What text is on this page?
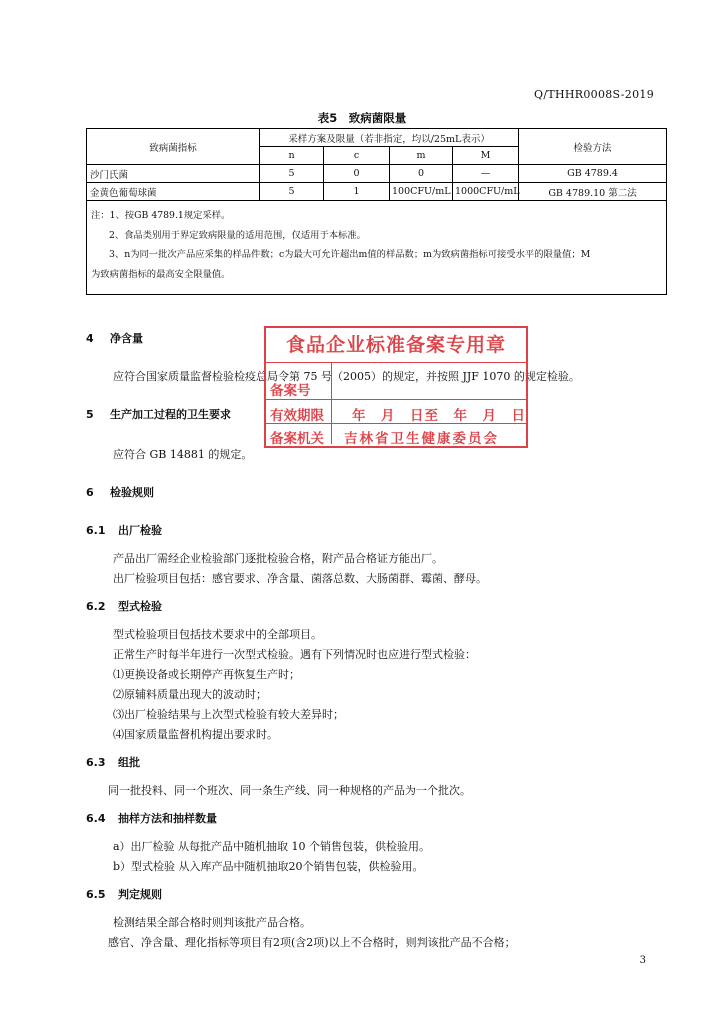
Q/THHR0008S-2019
表5　致病菌限量
致病菌指标	采样方案及限量（若非指定，均以/25mL表示）				检验方法
	n	c	m	M	
沙门氏菌	5	0	0	—	GB 4789.4
金黄色葡萄球菌	5	1	100CFU/mL	1000CFU/mL	GB 4789.10 第二法

注：1、按GB 4789.1规定采样。
2、食品类别用于界定致病限量的适用范围，仅适用于本标准。
3、n为同一批次产品应采集的样品件数；c为最大可允许超出m值的样品数；m为致病菌指标可接受水平的限量值；M
为致病菌指标的最高安全限量值。					
4 净含量
应符合国家质量监督检验检疫总局令第 75 号（2005）的规定，并按照 JJF 1070 的规定检验。
5 生产加工过程的卫生要求
应符合 GB 14881 的规定。
6 检验规则
6.1 出厂检验
产品出厂需经企业检验部门逐批检验合格，附产品合格证方能出厂。
出厂检验项目包括：感官要求、净含量、菌落总数、大肠菌群、霉菌、酵母。
6.2 型式检验
型式检验项目包括技术要求中的全部项目。
正常生产时每半年进行一次型式检验。遇有下列情况时也应进行型式检验：
⑴更换设备或长期停产再恢复生产时；
⑵原辅料质量出现大的波动时；
⑶出厂检验结果与上次型式检验有较大差异时；
⑷国家质量监督机构提出要求时。
6.3 组批
同一批投料、同一个班次、同一条生产线、同一种规格的产品为一个批次。
6.4 抽样方法和抽样数量
a）出厂检验 从每批产品中随机抽取 10 个销售包装，供检验用。
b）型式检验 从入库产品中随机抽取20个销售包装，供检验用。
6.5 判定规则
检测结果全部合格时则判该批产品合格。
感官、净含量、理化指标等项目有2项(含2项)以上不合格时，则判该批产品不合格；
3
食品企业标准备案专用章
备案号
有效期限 年　月　日至　年　月　日
备案机关 吉林省卫生健康委员会
